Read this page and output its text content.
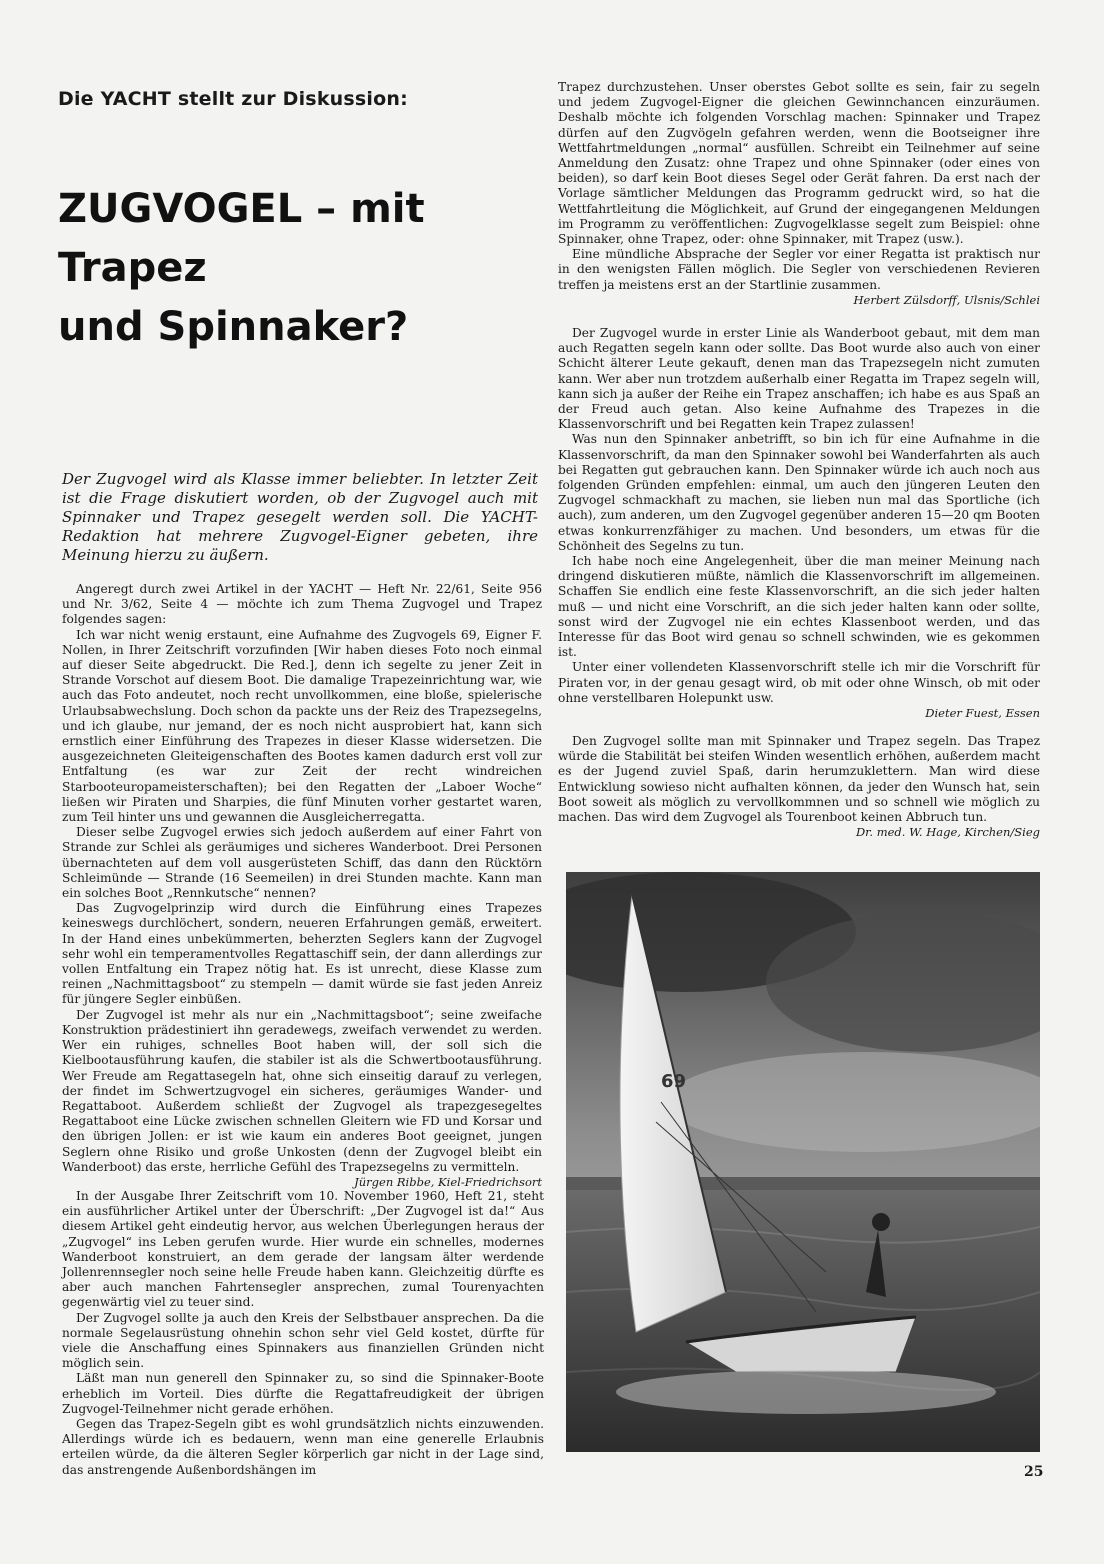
Die YACHT stellt zur Diskussion:
ZUGVOGEL – mit
Trapez
und Spinnaker?
Der Zugvogel wird als Klasse immer beliebter. In letzter Zeit ist die Frage diskutiert worden, ob der Zugvogel auch mit Spinnaker und Trapez gesegelt werden soll. Die YACHT-Redaktion hat mehrere Zugvogel-Eigner gebeten, ihre Meinung hierzu zu äußern.

Angeregt durch zwei Artikel in der YACHT — Heft Nr. 22/61, Seite 956 und Nr. 3/62, Seite 4 — möchte ich zum Thema Zugvogel und Trapez folgendes sagen:

Ich war nicht wenig erstaunt, eine Aufnahme des Zugvogels 69, Eigner F. Nollen, in Ihrer Zeitschrift vorzufinden [Wir haben dieses Foto noch einmal auf dieser Seite abgedruckt. Die Red.], denn ich segelte zu jener Zeit in Strande Vorschot auf diesem Boot. Die damalige Trapezeinrichtung war, wie auch das Foto andeutet, noch recht unvollkommen, eine bloße, spielerische Urlaubsabwechslung. Doch schon da packte uns der Reiz des Trapezsegelns, und ich glaube, nur jemand, der es noch nicht ausprobiert hat, kann sich ernstlich einer Einführung des Trapezes in dieser Klasse widersetzen. Die ausgezeichneten Gleiteigenschaften des Bootes kamen dadurch erst voll zur Entfaltung (es war zur Zeit der recht windreichen Starbooteuropameisterschaften); bei den Regatten der „Laboer Woche“ ließen wir Piraten und Sharpies, die fünf Minuten vorher gestartet waren, zum Teil hinter uns und gewannen die Ausgleicherregatta.

Dieser selbe Zugvogel erwies sich jedoch außerdem auf einer Fahrt von Strande zur Schlei als geräumiges und sicheres Wanderboot. Drei Personen übernachteten auf dem voll ausgerüsteten Schiff, das dann den Rücktörn Schleimünde — Strande (16 Seemeilen) in drei Stunden machte. Kann man ein solches Boot „Rennkutsche“ nennen?

Das Zugvogelprinzip wird durch die Einführung eines Trapezes keineswegs durchlöchert, sondern, neueren Erfahrungen gemäß, erweitert. In der Hand eines unbekümmerten, beherzten Seglers kann der Zugvogel sehr wohl ein temperamentvolles Regattaschiff sein, der dann allerdings zur vollen Entfaltung ein Trapez nötig hat. Es ist unrecht, diese Klasse zum reinen „Nachmittagsboot“ zu stempeln — damit würde sie fast jeden Anreiz für jüngere Segler einbüßen.

Der Zugvogel ist mehr als nur ein „Nachmittagsboot“; seine zweifache Konstruktion prädestiniert ihn geradewegs, zweifach verwendet zu werden. Wer ein ruhiges, schnelles Boot haben will, der soll sich die Kielbootausführung kaufen, die stabiler ist als die Schwertbootausführung. Wer Freude am Regattasegeln hat, ohne sich einseitig darauf zu verlegen, der findet im Schwertzugvogel ein sicheres, geräumiges Wander- und Regattaboot. Außerdem schließt der Zugvogel als trapezgesegeltes Regattaboot eine Lücke zwischen schnellen Gleitern wie FD und Korsar und den übrigen Jollen: er ist wie kaum ein anderes Boot geeignet, jungen Seglern ohne Risiko und große Unkosten (denn der Zugvogel bleibt ein Wanderboot) das erste, herrliche Gefühl des Trapezsegelns zu vermitteln.

Jürgen Ribbe, Kiel-Friedrichsort

In der Ausgabe Ihrer Zeitschrift vom 10. November 1960, Heft 21, steht ein ausführlicher Artikel unter der Überschrift: „Der Zugvogel ist da!“ Aus diesem Artikel geht eindeutig hervor, aus welchen Überlegungen heraus der „Zugvogel“ ins Leben gerufen wurde. Hier wurde ein schnelles, modernes Wanderboot konstruiert, an dem gerade der langsam älter werdende Jollenrennsegler noch seine helle Freude haben kann. Gleichzeitig dürfte es aber auch manchen Fahrtensegler ansprechen, zumal Tourenyachten gegenwärtig viel zu teuer sind.

Der Zugvogel sollte ja auch den Kreis der Selbstbauer ansprechen. Da die normale Segelausrüstung ohnehin schon sehr viel Geld kostet, dürfte für viele die Anschaffung eines Spinnakers aus finanziellen Gründen nicht möglich sein.

Läßt man nun generell den Spinnaker zu, so sind die Spinnaker-Boote erheblich im Vorteil. Dies dürfte die Regattafreudigkeit der übrigen Zugvogel-Teilnehmer nicht gerade erhöhen.

Gegen das Trapez-Segeln gibt es wohl grundsätzlich nichts einzuwenden. Allerdings würde ich es bedauern, wenn man eine generelle Erlaubnis erteilen würde, da die älteren Segler körperlich gar nicht in der Lage sind, das anstrengende Außenbordshängen im

Trapez durchzustehen. Unser oberstes Gebot sollte es sein, fair zu segeln und jedem Zugvogel-Eigner die gleichen Gewinnchancen einzuräumen. Deshalb möchte ich folgenden Vorschlag machen: Spinnaker und Trapez dürfen auf den Zugvögeln gefahren werden, wenn die Bootseigner ihre Wettfahrtmeldungen „normal“ ausfüllen. Schreibt ein Teilnehmer auf seine Anmeldung den Zusatz: ohne Trapez und ohne Spinnaker (oder eines von beiden), so darf kein Boot dieses Segel oder Gerät fahren. Da erst nach der Vorlage sämtlicher Meldungen das Programm gedruckt wird, so hat die Wettfahrtleitung die Möglichkeit, auf Grund der eingegangenen Meldungen im Programm zu veröffentlichen: Zugvogelklasse segelt zum Beispiel: ohne Spinnaker, ohne Trapez, oder: ohne Spinnaker, mit Trapez (usw.).

Eine mündliche Absprache der Segler vor einer Regatta ist praktisch nur in den wenigsten Fällen möglich. Die Segler von verschiedenen Revieren treffen ja meistens erst an der Startlinie zusammen.

Herbert Zülsdorff, Ulsnis/Schlei

Der Zugvogel wurde in erster Linie als Wanderboot gebaut, mit dem man auch Regatten segeln kann oder sollte. Das Boot wurde also auch von einer Schicht älterer Leute gekauft, denen man das Trapezsegeln nicht zumuten kann. Wer aber nun trotzdem außerhalb einer Regatta im Trapez segeln will, kann sich ja außer der Reihe ein Trapez anschaffen; ich habe es aus Spaß an der Freud auch getan. Also keine Aufnahme des Trapezes in die Klassenvorschrift und bei Regatten kein Trapez zulassen!

Was nun den Spinnaker anbetrifft, so bin ich für eine Aufnahme in die Klassenvorschrift, da man den Spinnaker sowohl bei Wanderfahrten als auch bei Regatten gut gebrauchen kann. Den Spinnaker würde ich auch noch aus folgenden Gründen empfehlen: einmal, um auch den jüngeren Leuten den Zugvogel schmackhaft zu machen, sie lieben nun mal das Sportliche (ich auch), zum anderen, um den Zugvogel gegenüber anderen 15—20 qm Booten etwas konkurrenzfähiger zu machen. Und besonders, um etwas für die Schönheit des Segelns zu tun.

Ich habe noch eine Angelegenheit, über die man meiner Meinung nach dringend diskutieren müßte, nämlich die Klassenvorschrift im allgemeinen. Schaffen Sie endlich eine feste Klassenvorschrift, an die sich jeder halten muß — und nicht eine Vorschrift, an die sich jeder halten kann oder sollte, sonst wird der Zugvogel nie ein echtes Klassenboot werden, und das Interesse für das Boot wird genau so schnell schwinden, wie es gekommen ist.

Unter einer vollendeten Klassenvorschrift stelle ich mir die Vorschrift für Piraten vor, in der genau gesagt wird, ob mit oder ohne Winsch, ob mit oder ohne verstellbaren Holepunkt usw.

Dieter Fuest, Essen

Den Zugvogel sollte man mit Spinnaker und Trapez segeln. Das Trapez würde die Stabilität bei steifen Winden wesentlich erhöhen, außerdem macht es der Jugend zuviel Spaß, darin herumzuklettern. Man wird diese Entwicklung sowieso nicht aufhalten können, da jeder den Wunsch hat, sein Boot soweit als möglich zu vervollkommnen und so schnell wie möglich zu machen. Das wird dem Zugvogel als Tourenboot keinen Abbruch tun.

Dr. med. W. Hage, Kirchen/Sieg
69
25
